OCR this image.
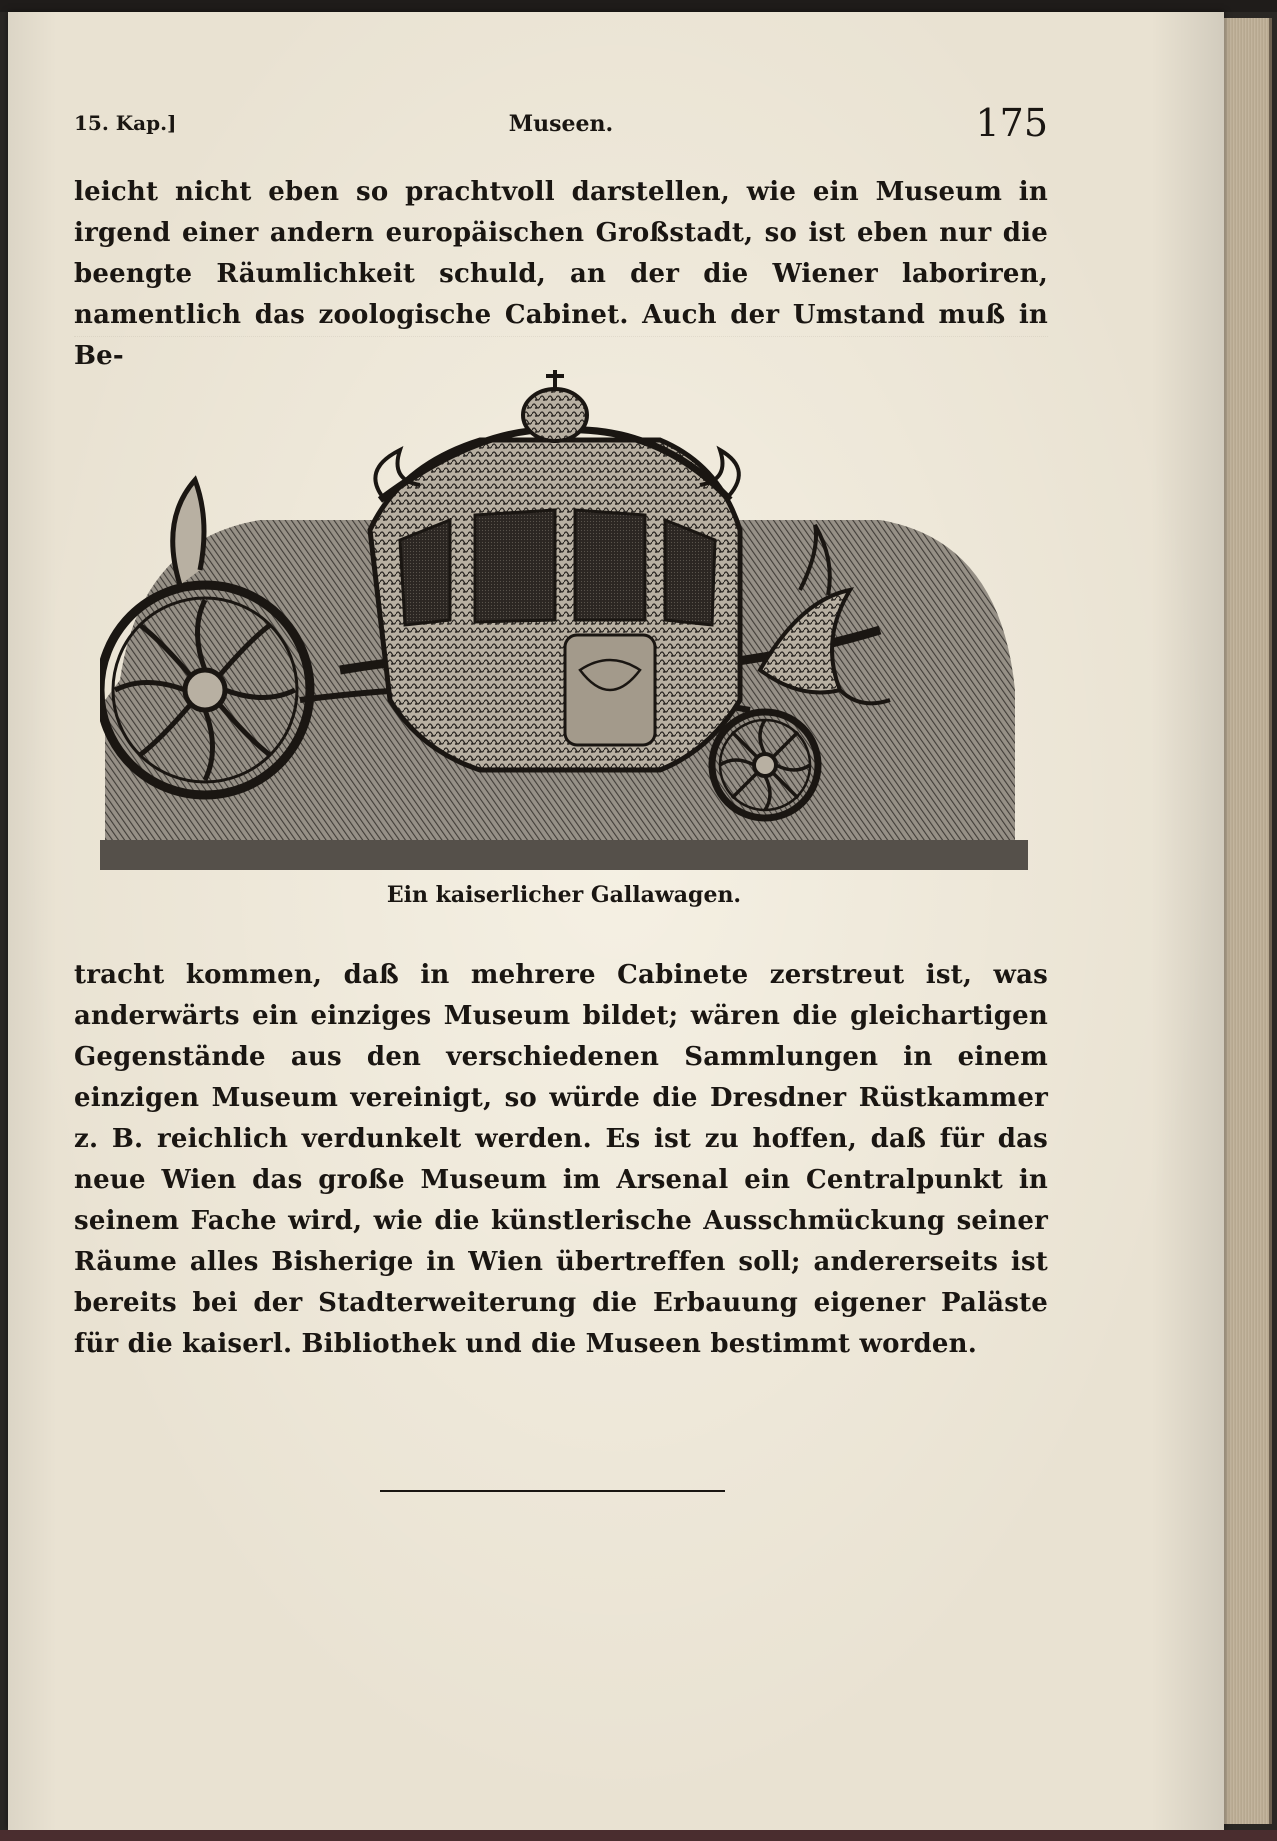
15. Kap.]	Museen.	175

leicht nicht eben so prachtvoll darstellen, wie ein Museum in irgend einer andern europäischen Großstadt, so ist eben nur die beengte Räumlichkeit schuld, an der die Wiener laboriren, namentlich das zoologische Cabinet. Auch der Umstand muß in Be-

Ein kaiserlicher Gallawagen.

tracht kommen, daß in mehrere Cabinete zerstreut ist, was anderwärts ein einziges Museum bildet; wären die gleichartigen Gegenstände aus den verschiedenen Sammlungen in einem einzigen Museum vereinigt, so würde die Dresdner Rüstkammer z. B. reichlich verdunkelt werden. Es ist zu hoffen, daß für das neue Wien das große Museum im Arsenal ein Centralpunkt in seinem Fache wird, wie die künstlerische Ausschmückung seiner Räume alles Bisherige in Wien übertreffen soll; andererseits ist bereits bei der Stadterweiterung die Erbauung eigener Paläste für die kaiserl. Bibliothek und die Museen bestimmt worden.
